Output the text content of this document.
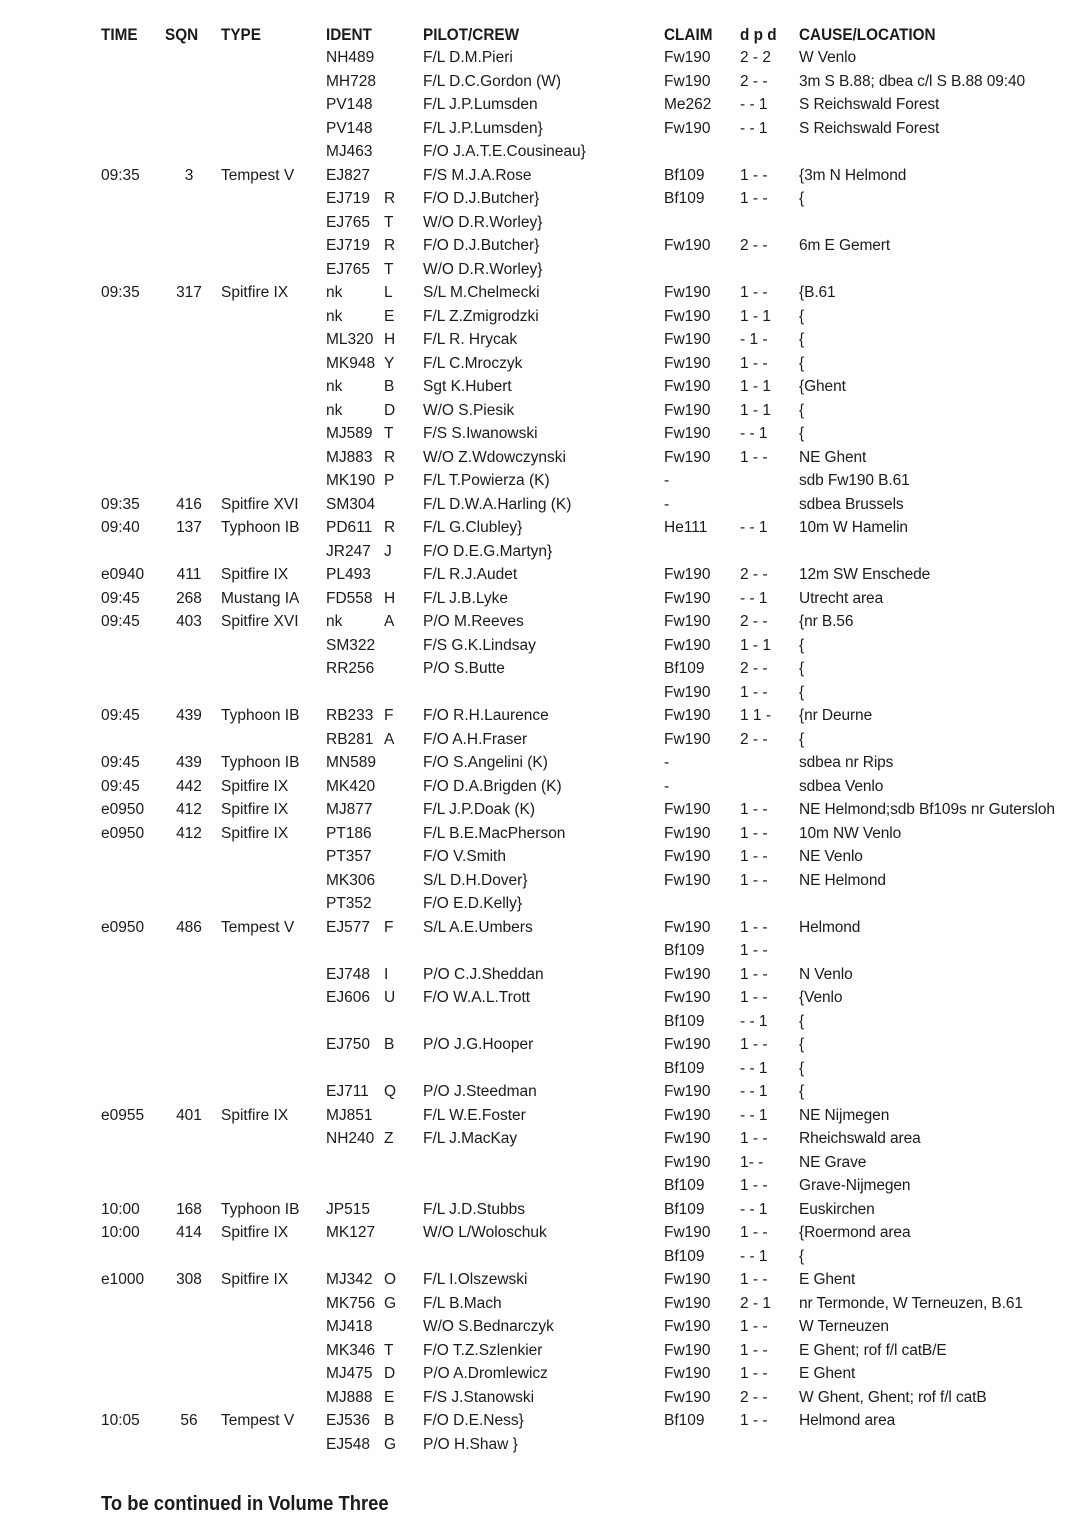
TIME	SQN	TYPE	IDENT		PILOT/CREW	CLAIM	d p d	CAUSE/LOCATION
			NH489		F/L D.M.Pieri	Fw190	2 - 2	W Venlo
			MH728		F/L D.C.Gordon (W)	Fw190	2 - -	3m S B.88; dbea c/l S B.88 09:40
			PV148		F/L J.P.Lumsden	Me262	- - 1	S Reichswald Forest
			PV148		F/L J.P.Lumsden}	Fw190	- - 1	S Reichswald Forest
			MJ463		F/O J.A.T.E.Cousineau}			
09:35	3	Tempest V	EJ827		F/S M.J.A.Rose	Bf109	1 - -	{3m N Helmond
			EJ719	R	F/O D.J.Butcher}	Bf109	1 - -	{
			EJ765	T	W/O D.R.Worley}			
			EJ719	R	F/O D.J.Butcher}	Fw190	2 - -	6m E Gemert
			EJ765	T	W/O D.R.Worley}			
09:35	317	Spitfire IX	nk	L	S/L M.Chelmecki	Fw190	1 - -	{B.61
			nk	E	F/L Z.Zmigrodzki	Fw190	1 - 1	{
			ML320	H	F/L R. Hrycak	Fw190	- 1 -	{
			MK948	Y	F/L C.Mroczyk	Fw190	1 - -	{
			nk	B	Sgt K.Hubert	Fw190	1 - 1	{Ghent
			nk	D	W/O S.Piesik	Fw190	1 - 1	{
			MJ589	T	F/S S.Iwanowski	Fw190	- - 1	{
			MJ883	R	W/O Z.Wdowczynski	Fw190	1 - -	NE Ghent
			MK190	P	F/L T.Powierza (K)	-		sdb Fw190 B.61
09:35	416	Spitfire XVI	SM304		F/L D.W.A.Harling (K)	-		sdbea Brussels
09:40	137	Typhoon IB	PD611	R	F/L G.Clubley}	He111	- - 1	10m W Hamelin
			JR247	J	F/O D.E.G.Martyn}			
e0940	411	Spitfire IX	PL493		F/L R.J.Audet	Fw190	2 - -	12m SW Enschede
09:45	268	Mustang IA	FD558	H	F/L J.B.Lyke	Fw190	- - 1	Utrecht area
09:45	403	Spitfire XVI	nk	A	P/O M.Reeves	Fw190	2 - -	{nr B.56
			SM322		F/S G.K.Lindsay	Fw190	1 - 1	{
			RR256		P/O S.Butte	Bf109	2 - -	{
						Fw190	1 - -	{
09:45	439	Typhoon IB	RB233	F	F/O R.H.Laurence	Fw190	1 1 -	{nr Deurne
			RB281	A	F/O A.H.Fraser	Fw190	2 - -	{
09:45	439	Typhoon IB	MN589		F/O S.Angelini (K)	-		sdbea nr Rips
09:45	442	Spitfire IX	MK420		F/O D.A.Brigden (K)	-		sdbea Venlo
e0950	412	Spitfire IX	MJ877		F/L J.P.Doak (K)	Fw190	1 - -	NE Helmond;sdb Bf109s nr Gutersloh
e0950	412	Spitfire IX	PT186		F/L B.E.MacPherson	Fw190	1 - -	10m NW Venlo
			PT357		F/O V.Smith	Fw190	1 - -	NE Venlo
			MK306		S/L D.H.Dover}	Fw190	1 - -	NE Helmond
			PT352		F/O E.D.Kelly}			
e0950	486	Tempest V	EJ577	F	S/L A.E.Umbers	Fw190	1 - -	Helmond
						Bf109	1 - -	
			EJ748	I	P/O C.J.Sheddan	Fw190	1 - -	N Venlo
			EJ606	U	F/O W.A.L.Trott	Fw190	1 - -	{Venlo
						Bf109	- - 1	{
			EJ750	B	P/O J.G.Hooper	Fw190	1 - -	{
						Bf109	- - 1	{
			EJ711	Q	P/O J.Steedman	Fw190	- - 1	{
e0955	401	Spitfire IX	MJ851		F/L W.E.Foster	Fw190	- - 1	NE Nijmegen
			NH240	Z	F/L J.MacKay	Fw190	1 - -	Rheichswald area
						Fw190	1- -	NE Grave
						Bf109	1 - -	Grave-Nijmegen
10:00	168	Typhoon IB	JP515		F/L J.D.Stubbs	Bf109	- - 1	Euskirchen
10:00	414	Spitfire IX	MK127		W/O L/Woloschuk	Fw190	1 - -	{Roermond area
						Bf109	- - 1	{
e1000	308	Spitfire IX	MJ342	O	F/L I.Olszewski	Fw190	1 - -	E Ghent
			MK756	G	F/L B.Mach	Fw190	2 - 1	nr Termonde, W Terneuzen, B.61
			MJ418		W/O S.Bednarczyk	Fw190	1 - -	W Terneuzen
			MK346	T	F/O T.Z.Szlenkier	Fw190	1 - -	E Ghent; rof f/l catB/E
			MJ475	D	P/O A.Dromlewicz	Fw190	1 - -	E Ghent
			MJ888	E	F/S J.Stanowski	Fw190	2 - -	W Ghent, Ghent; rof f/l catB
10:05	56	Tempest V	EJ536	B	F/O D.E.Ness}	Bf109	1 - -	Helmond area
			EJ548	G	P/O H.Shaw }			

To be continued in Volume Three
